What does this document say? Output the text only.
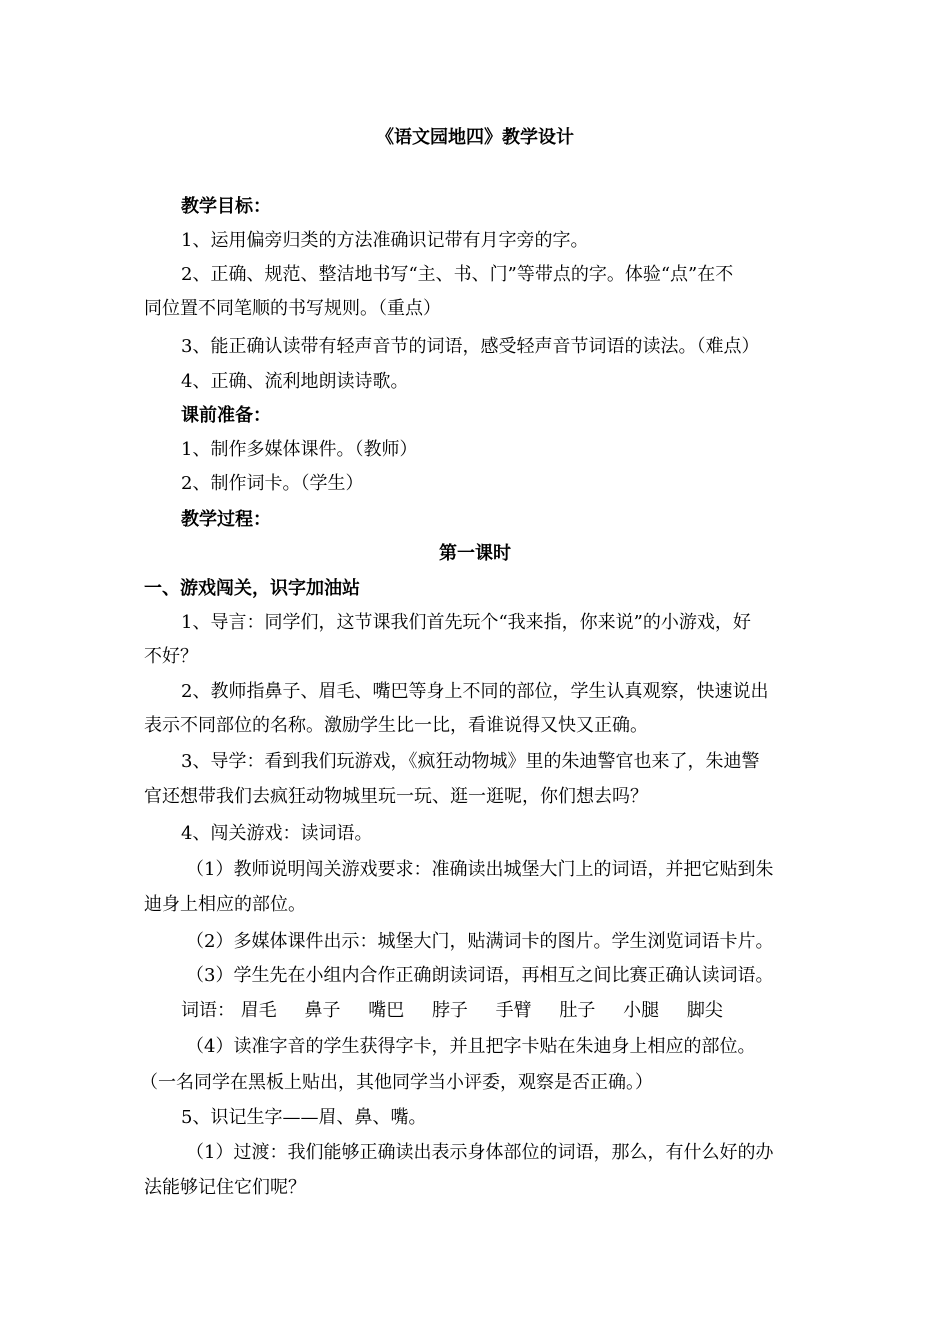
《语文园地四》教学设计
教学目标：
1、运用偏旁归类的方法准确识记带有月字旁的字。
2、正确、规范、整洁地书写“主、书、门”等带点的字。体验“点”在不
同位置不同笔顺的书写规则。（重点）
3、能正确认读带有轻声音节的词语，感受轻声音节词语的读法。（难点）
4、正确、流利地朗读诗歌。
课前准备：
1、制作多媒体课件。（教师）
2、制作词卡。（学生）
教学过程：
第一课时
一、游戏闯关，识字加油站
1、导言：同学们，这节课我们首先玩个“我来指，你来说”的小游戏，好
不好？
2、教师指鼻子、眉毛、嘴巴等身上不同的部位，学生认真观察，快速说出
表示不同部位的名称。激励学生比一比，看谁说得又快又正确。
3、导学：看到我们玩游戏，《疯狂动物城》里的朱迪警官也来了，朱迪警
官还想带我们去疯狂动物城里玩一玩、逛一逛呢，你们想去吗？
4、闯关游戏：读词语。
（1）教师说明闯关游戏要求：准确读出城堡大门上的词语，并把它贴到朱
迪身上相应的部位。
（2）多媒体课件出示：城堡大门，贴满词卡的图片。学生浏览词语卡片。
（3）学生先在小组内合作正确朗读词语，再相互之间比赛正确认读词语。
词语： 眉毛 鼻子 嘴巴 脖子 手臂 肚子 小腿 脚尖
（4）读准字音的学生获得字卡，并且把字卡贴在朱迪身上相应的部位。
（一名同学在黑板上贴出，其他同学当小评委，观察是否正确。）
5、识记生字——眉、鼻、嘴。
（1）过渡：我们能够正确读出表示身体部位的词语，那么，有什么好的办
法能够记住它们呢？
